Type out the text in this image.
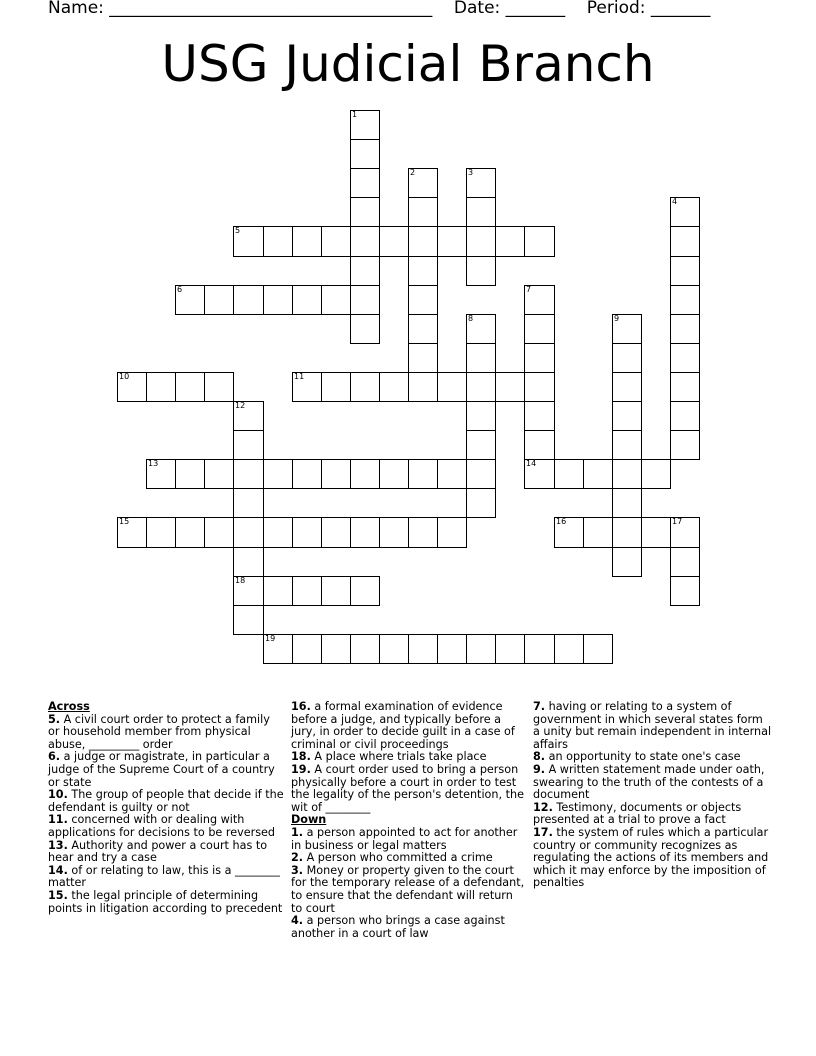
Name: ______________________________________    Date: _______    Period: _______
USG Judicial Branch
1
2	3
4
5
6	7
14
8	9
10	11
12
18
13
15	16	17
19
Across
5. A civil court order to protect a family or household member from physical abuse, _________ order
6. a judge or magistrate, in particular a judge of the Supreme Court of a country or state
10. The group of people that decide if the defendant is guilty or not
11. concerned with or dealing with applications for decisions to be reversed
13. Authority and power a court has to hear and try a case
14. of or relating to law, this is a ________ matter
15. the legal principle of determining points in litigation according to precedent
16. a formal examination of evidence before a judge, and typically before a jury, in order to decide guilt in a case of criminal or civil proceedings
18. A place where trials take place
19. A court order used to bring a person physically before a court in order to test the legality of the person's detention, the wit of ________
Down
1. a person appointed to act for another in business or legal matters
2. A person who committed a crime
3. Money or property given to the court for the temporary release of a defendant, to ensure that the defendant will return to court
4. a person who brings a case against another in a court of law
7. having or relating to a system of government in which several states form a unity but remain independent in internal affairs
8. an opportunity to state one's case
9. A written statement made under oath, swearing to the truth of the contests of a document
12. Testimony, documents or objects presented at a trial to prove a fact
17. the system of rules which a particular country or community recognizes as regulating the actions of its members and which it may enforce by the imposition of penalties
